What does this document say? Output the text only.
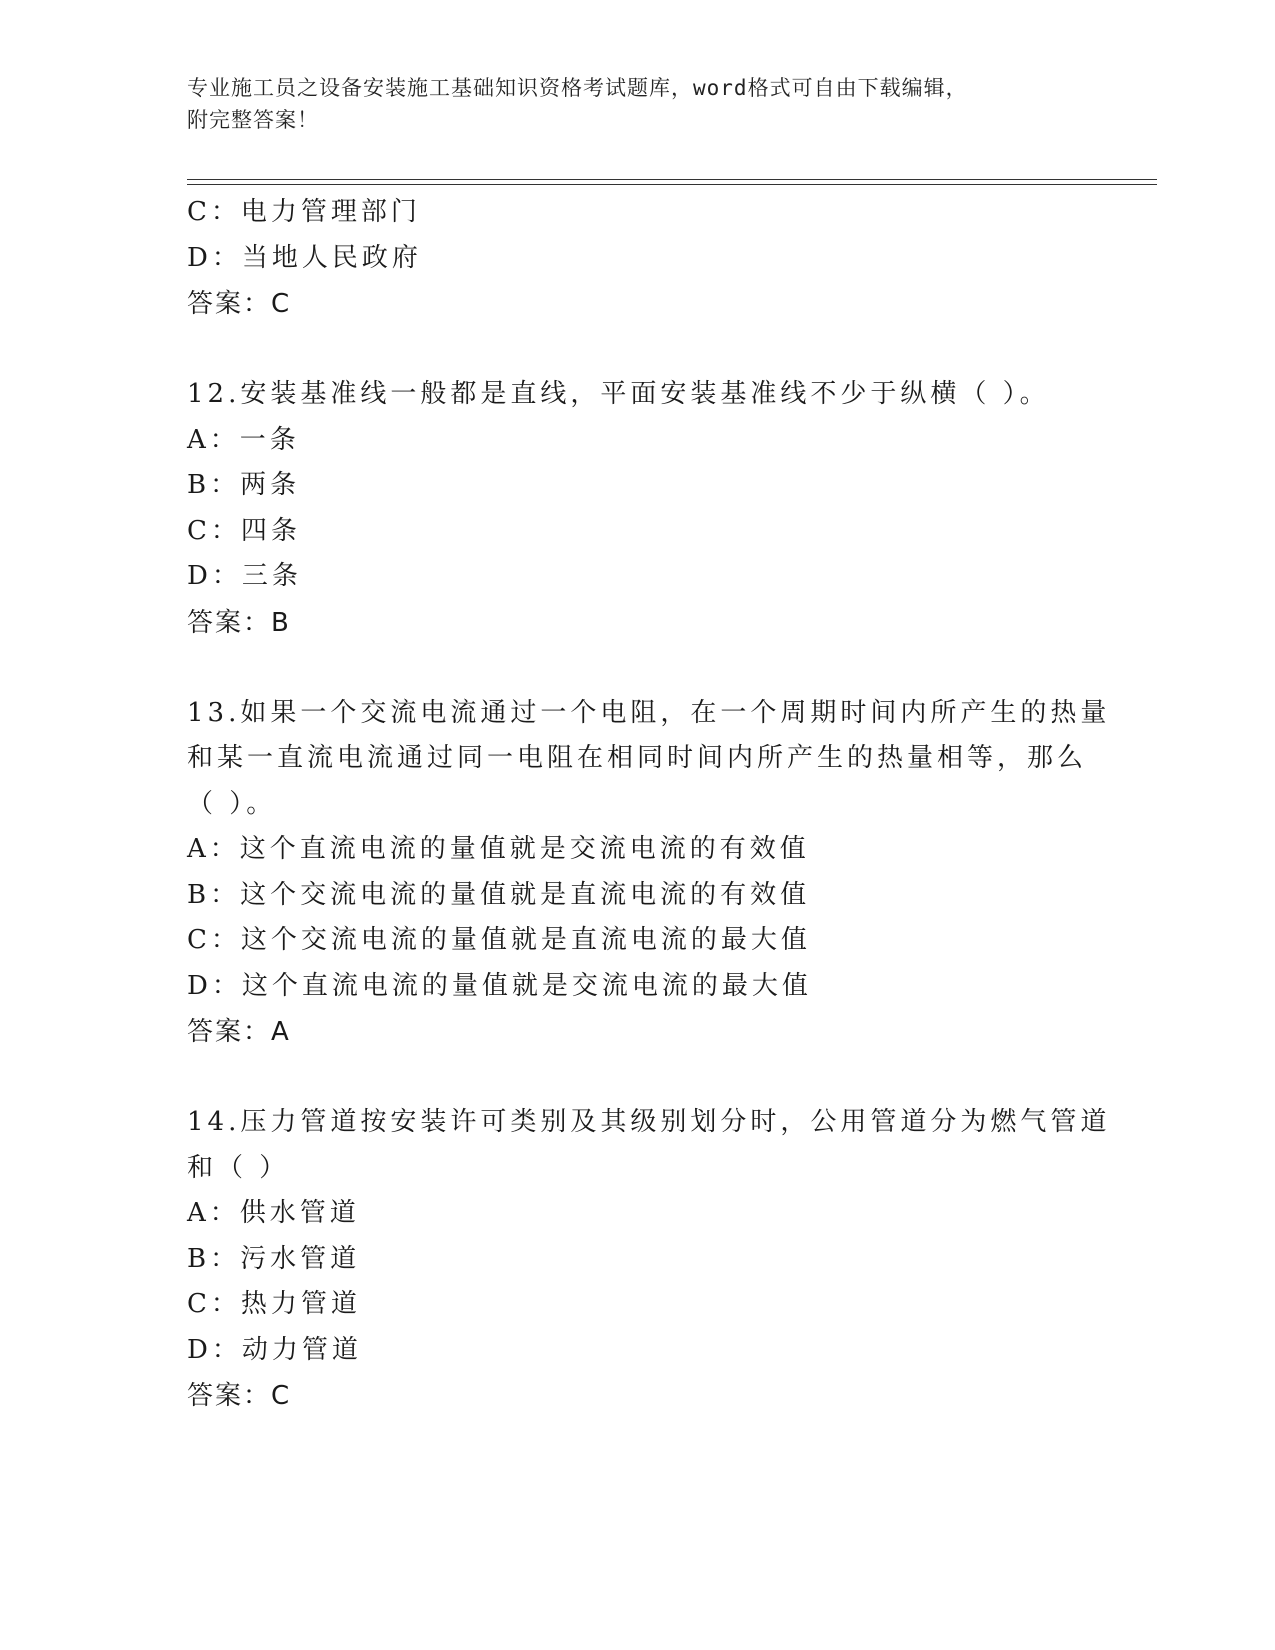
专业施工员之设备安装施工基础知识资格考试题库，word格式可自由下载编辑，
附完整答案！
C：电力管理部门
D：当地人民政府
答案：C
12.安装基准线一般都是直线，平面安装基准线不少于纵横（ ）。
A：一条
B：两条
C：四条
D：三条
答案：B
13.如果一个交流电流通过一个电阻，在一个周期时间内所产生的热量
和某一直流电流通过同一电阻在相同时间内所产生的热量相等，那么
（ ）。
A：这个直流电流的量值就是交流电流的有效值
B：这个交流电流的量值就是直流电流的有效值
C：这个交流电流的量值就是直流电流的最大值
D：这个直流电流的量值就是交流电流的最大值
答案：A
14.压力管道按安装许可类别及其级别划分时，公用管道分为燃气管道
和（ ）
A：供水管道
B：污水管道
C：热力管道
D：动力管道
答案：C
